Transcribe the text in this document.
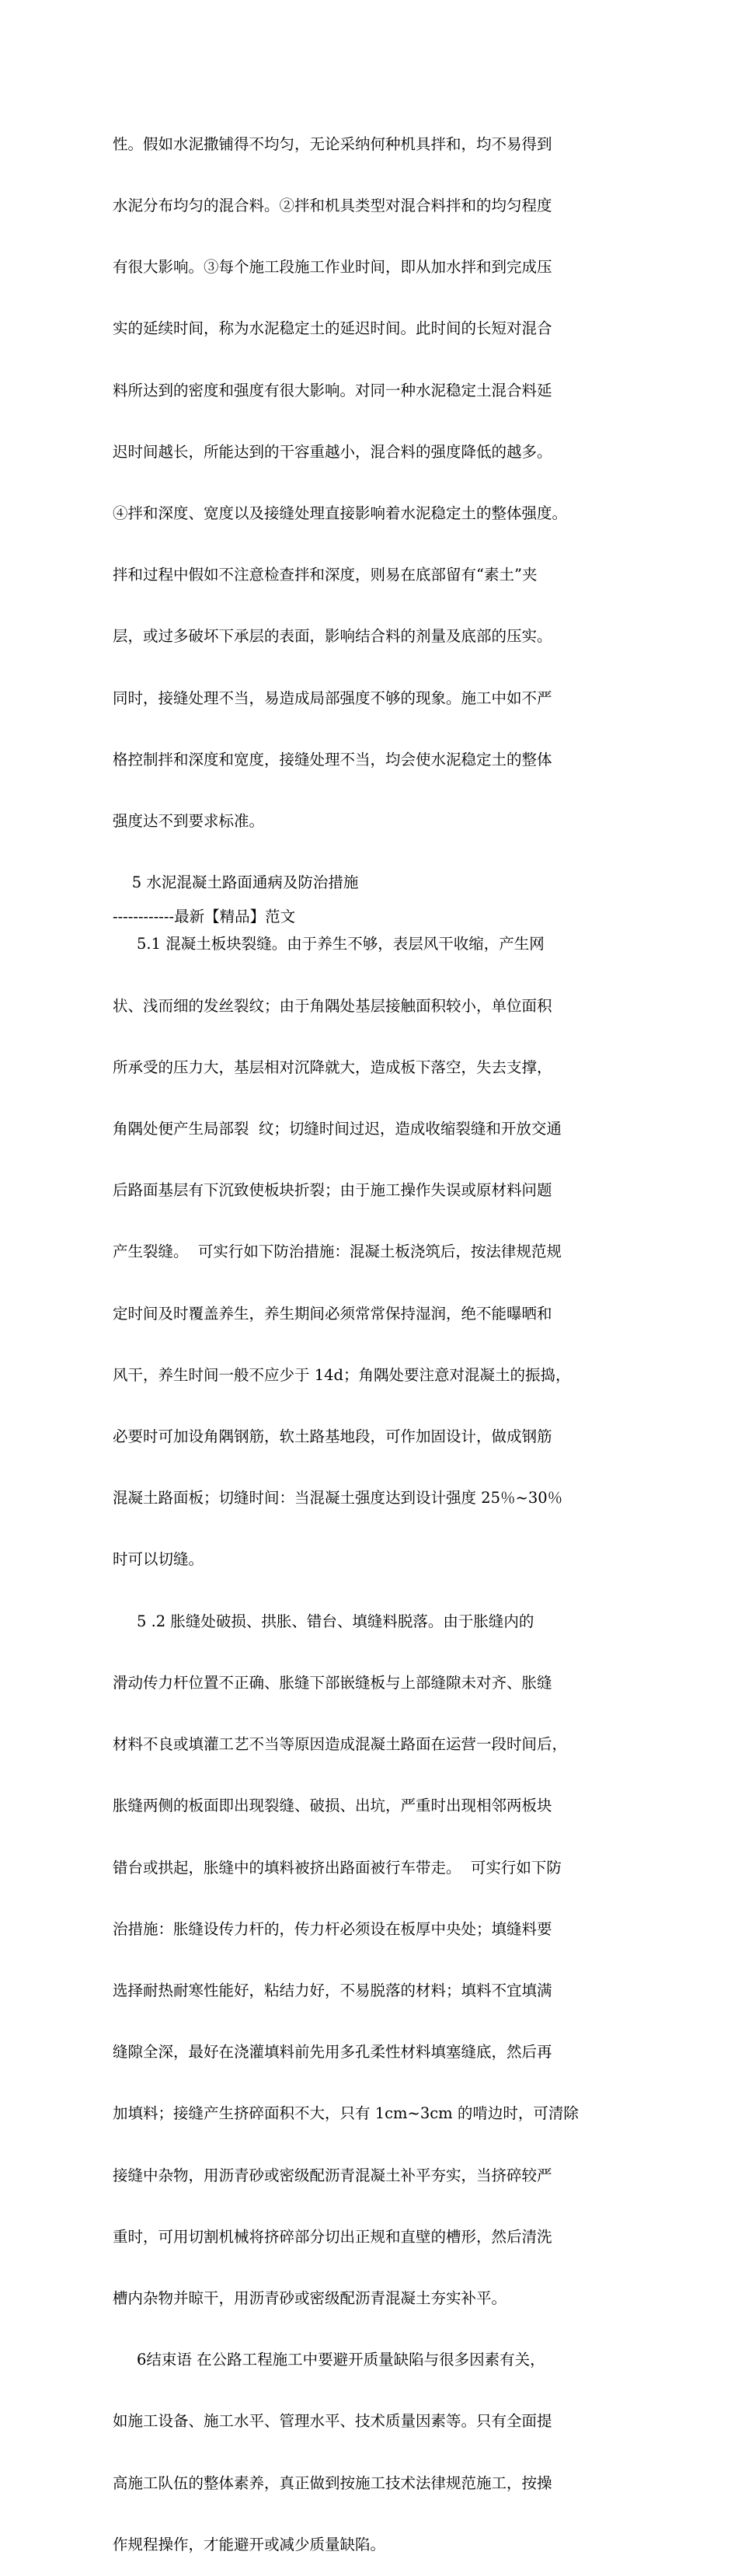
性。假如水泥撒铺得不均匀，无论采纳何种机具拌和，均不易得到

水泥分布均匀的混合料。②拌和机具类型对混合料拌和的均匀程度

有很大影响。③每个施工段施工作业时间，即从加水拌和到完成压

实的延续时间，称为水泥稳定土的延迟时间。此时间的长短对混合

料所达到的密度和强度有很大影响。对同一种水泥稳定土混合料延

迟时间越长，所能达到的干容重越小，混合料的强度降低的越多。

④拌和深度、宽度以及接缝处理直接影响着水泥稳定土的整体强度。

拌和过程中假如不注意检查拌和深度，则易在底部留有“素土”夹

层，或过多破坏下承层的表面，影响结合料的剂量及底部的压实。

同时，接缝处理不当，易造成局部强度不够的现象。施工中如不严

格控制拌和深度和宽度，接缝处理不当，均会使水泥稳定土的整体

强度达不到要求标准。

5 水泥混凝土路面通病及防治措施

5.1 混凝土板块裂缝。由于养生不够，表层风干收缩，产生网

状、浅而细的发丝裂纹；由于角隅处基层接触面积较小，单位面积

所承受的压力大，基层相对沉降就大，造成板下落空，失去支撑，

角隅处便产生局部裂  纹；切缝时间过迟，造成收缩裂缝和开放交通

后路面基层有下沉致使板块折裂；由于施工操作失误或原材料问题

产生裂缝。  可实行如下防治措施：混凝土板浇筑后，按法律规范规

定时间及时覆盖养生，养生期间必须常常保持湿润，绝不能曝晒和

风干，养生时间一般不应少于 14d；角隅处要注意对混凝土的振捣，

必要时可加设角隅钢筋，软土路基地段，可作加固设计，做成钢筋

混凝土路面板；切缝时间：当混凝土强度达到设计强度 25％~30％

时可以切缝。

5 .2 胀缝处破损、拱胀、错台、填缝料脱落。由于胀缝内的

滑动传力杆位置不正确、胀缝下部嵌缝板与上部缝隙未对齐、胀缝

材料不良或填灌工艺不当等原因造成混凝土路面在运营一段时间后，

胀缝两侧的板面即出现裂缝、破损、出坑，严重时出现相邻两板块

错台或拱起，胀缝中的填料被挤出路面被行车带走。  可实行如下防

治措施：胀缝设传力杆的，传力杆必须设在板厚中央处；填缝料要

选择耐热耐寒性能好，粘结力好，不易脱落的材料；填料不宜填满

缝隙全深，最好在浇灌填料前先用多孔柔性材料填塞缝底，然后再

加填料；接缝产生挤碎面积不大，只有 1cm~3cm 的啃边时，可清除

接缝中杂物，用沥青砂或密级配沥青混凝土补平夯实，当挤碎较严

重时，可用切割机械将挤碎部分切出正规和直壁的槽形，然后清洗

槽内杂物并晾干，用沥青砂或密级配沥青混凝土夯实补平。

6结束语 在公路工程施工中要避开质量缺陷与很多因素有关，

如施工设备、施工水平、管理水平、技术质量因素等。只有全面提

高施工队伍的整体素养，真正做到按施工技术法律规范施工，按操

作规程操作，才能避开或减少质量缺陷。

------------最新【精品】范文
